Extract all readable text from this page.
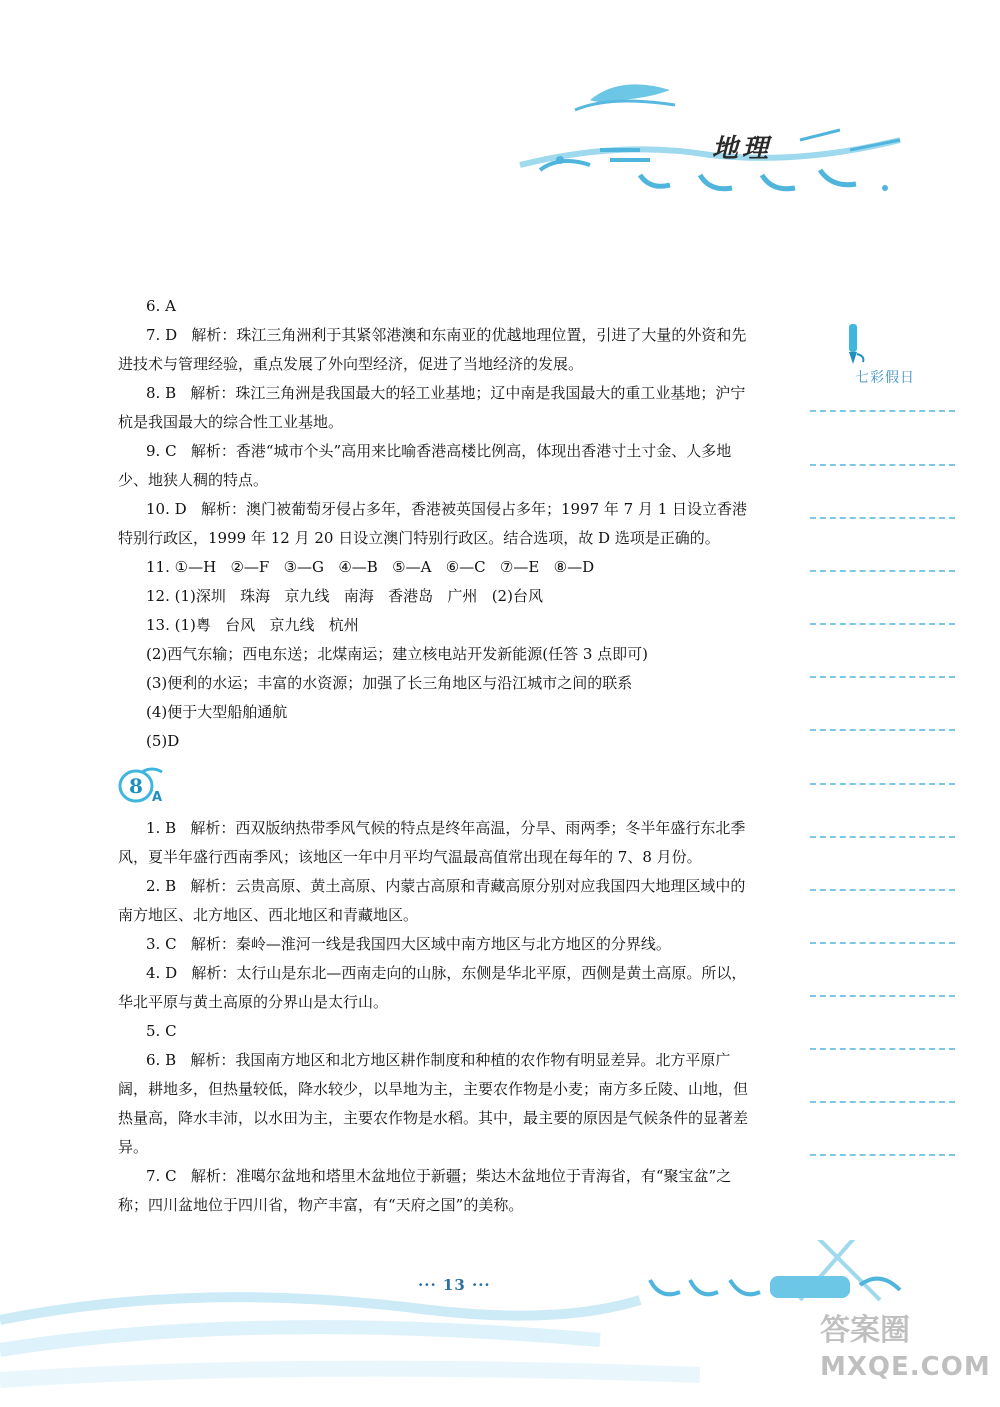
地理
七彩假日

6. A

7. D   解析：珠江三角洲利于其紧邻港澳和东南亚的优越地理位置，引进了大量的外资和先进技术与管理经验，重点发展了外向型经济，促进了当地经济的发展。

8. B   解析：珠江三角洲是我国最大的轻工业基地；辽中南是我国最大的重工业基地；沪宁杭是我国最大的综合性工业基地。

9. C   解析：香港“城市个头”高用来比喻香港高楼比例高，体现出香港寸土寸金、人多地少、地狭人稠的特点。

10. D   解析：澳门被葡萄牙侵占多年，香港被英国侵占多年；1997 年 7 月 1 日设立香港特别行政区，1999 年 12 月 20 日设立澳门特别行政区。结合选项，故 D 选项是正确的。

11. ①—H   ②—F   ③—G   ④—B   ⑤—A   ⑥—C   ⑦—E   ⑧—D

12. (1)深圳   珠海   京九线   南海   香港岛   广州   (2)台风

13. (1)粤   台风   京九线   杭州

(2)西气东输；西电东送；北煤南运；建立核电站开发新能源(任答 3 点即可)

(3)便利的水运；丰富的水资源；加强了长三角地区与沿江城市之间的联系

(4)便于大型船舶通航

(5)D

8 A

1. B   解析：西双版纳热带季风气候的特点是终年高温，分旱、雨两季；冬半年盛行东北季风，夏半年盛行西南季风；该地区一年中月平均气温最高值常出现在每年的 7、8 月份。

2. B   解析：云贵高原、黄土高原、内蒙古高原和青藏高原分别对应我国四大地理区域中的南方地区、北方地区、西北地区和青藏地区。

3. C   解析：秦岭—淮河一线是我国四大区域中南方地区与北方地区的分界线。

4. D   解析：太行山是东北—西南走向的山脉，东侧是华北平原，西侧是黄土高原。所以，华北平原与黄土高原的分界山是太行山。

5. C

6. B   解析：我国南方地区和北方地区耕作制度和种植的农作物有明显差异。北方平原广阔，耕地多，但热量较低，降水较少，以旱地为主，主要农作物是小麦；南方多丘陵、山地，但热量高，降水丰沛，以水田为主，主要农作物是水稻。其中，最主要的原因是气候条件的显著差异。

7. C   解析：准噶尔盆地和塔里木盆地位于新疆；柴达木盆地位于青海省，有“聚宝盆”之称；四川盆地位于四川省，物产丰富，有“天府之国”的美称。

··· 13 ···
答案圈
MXQE.COM
